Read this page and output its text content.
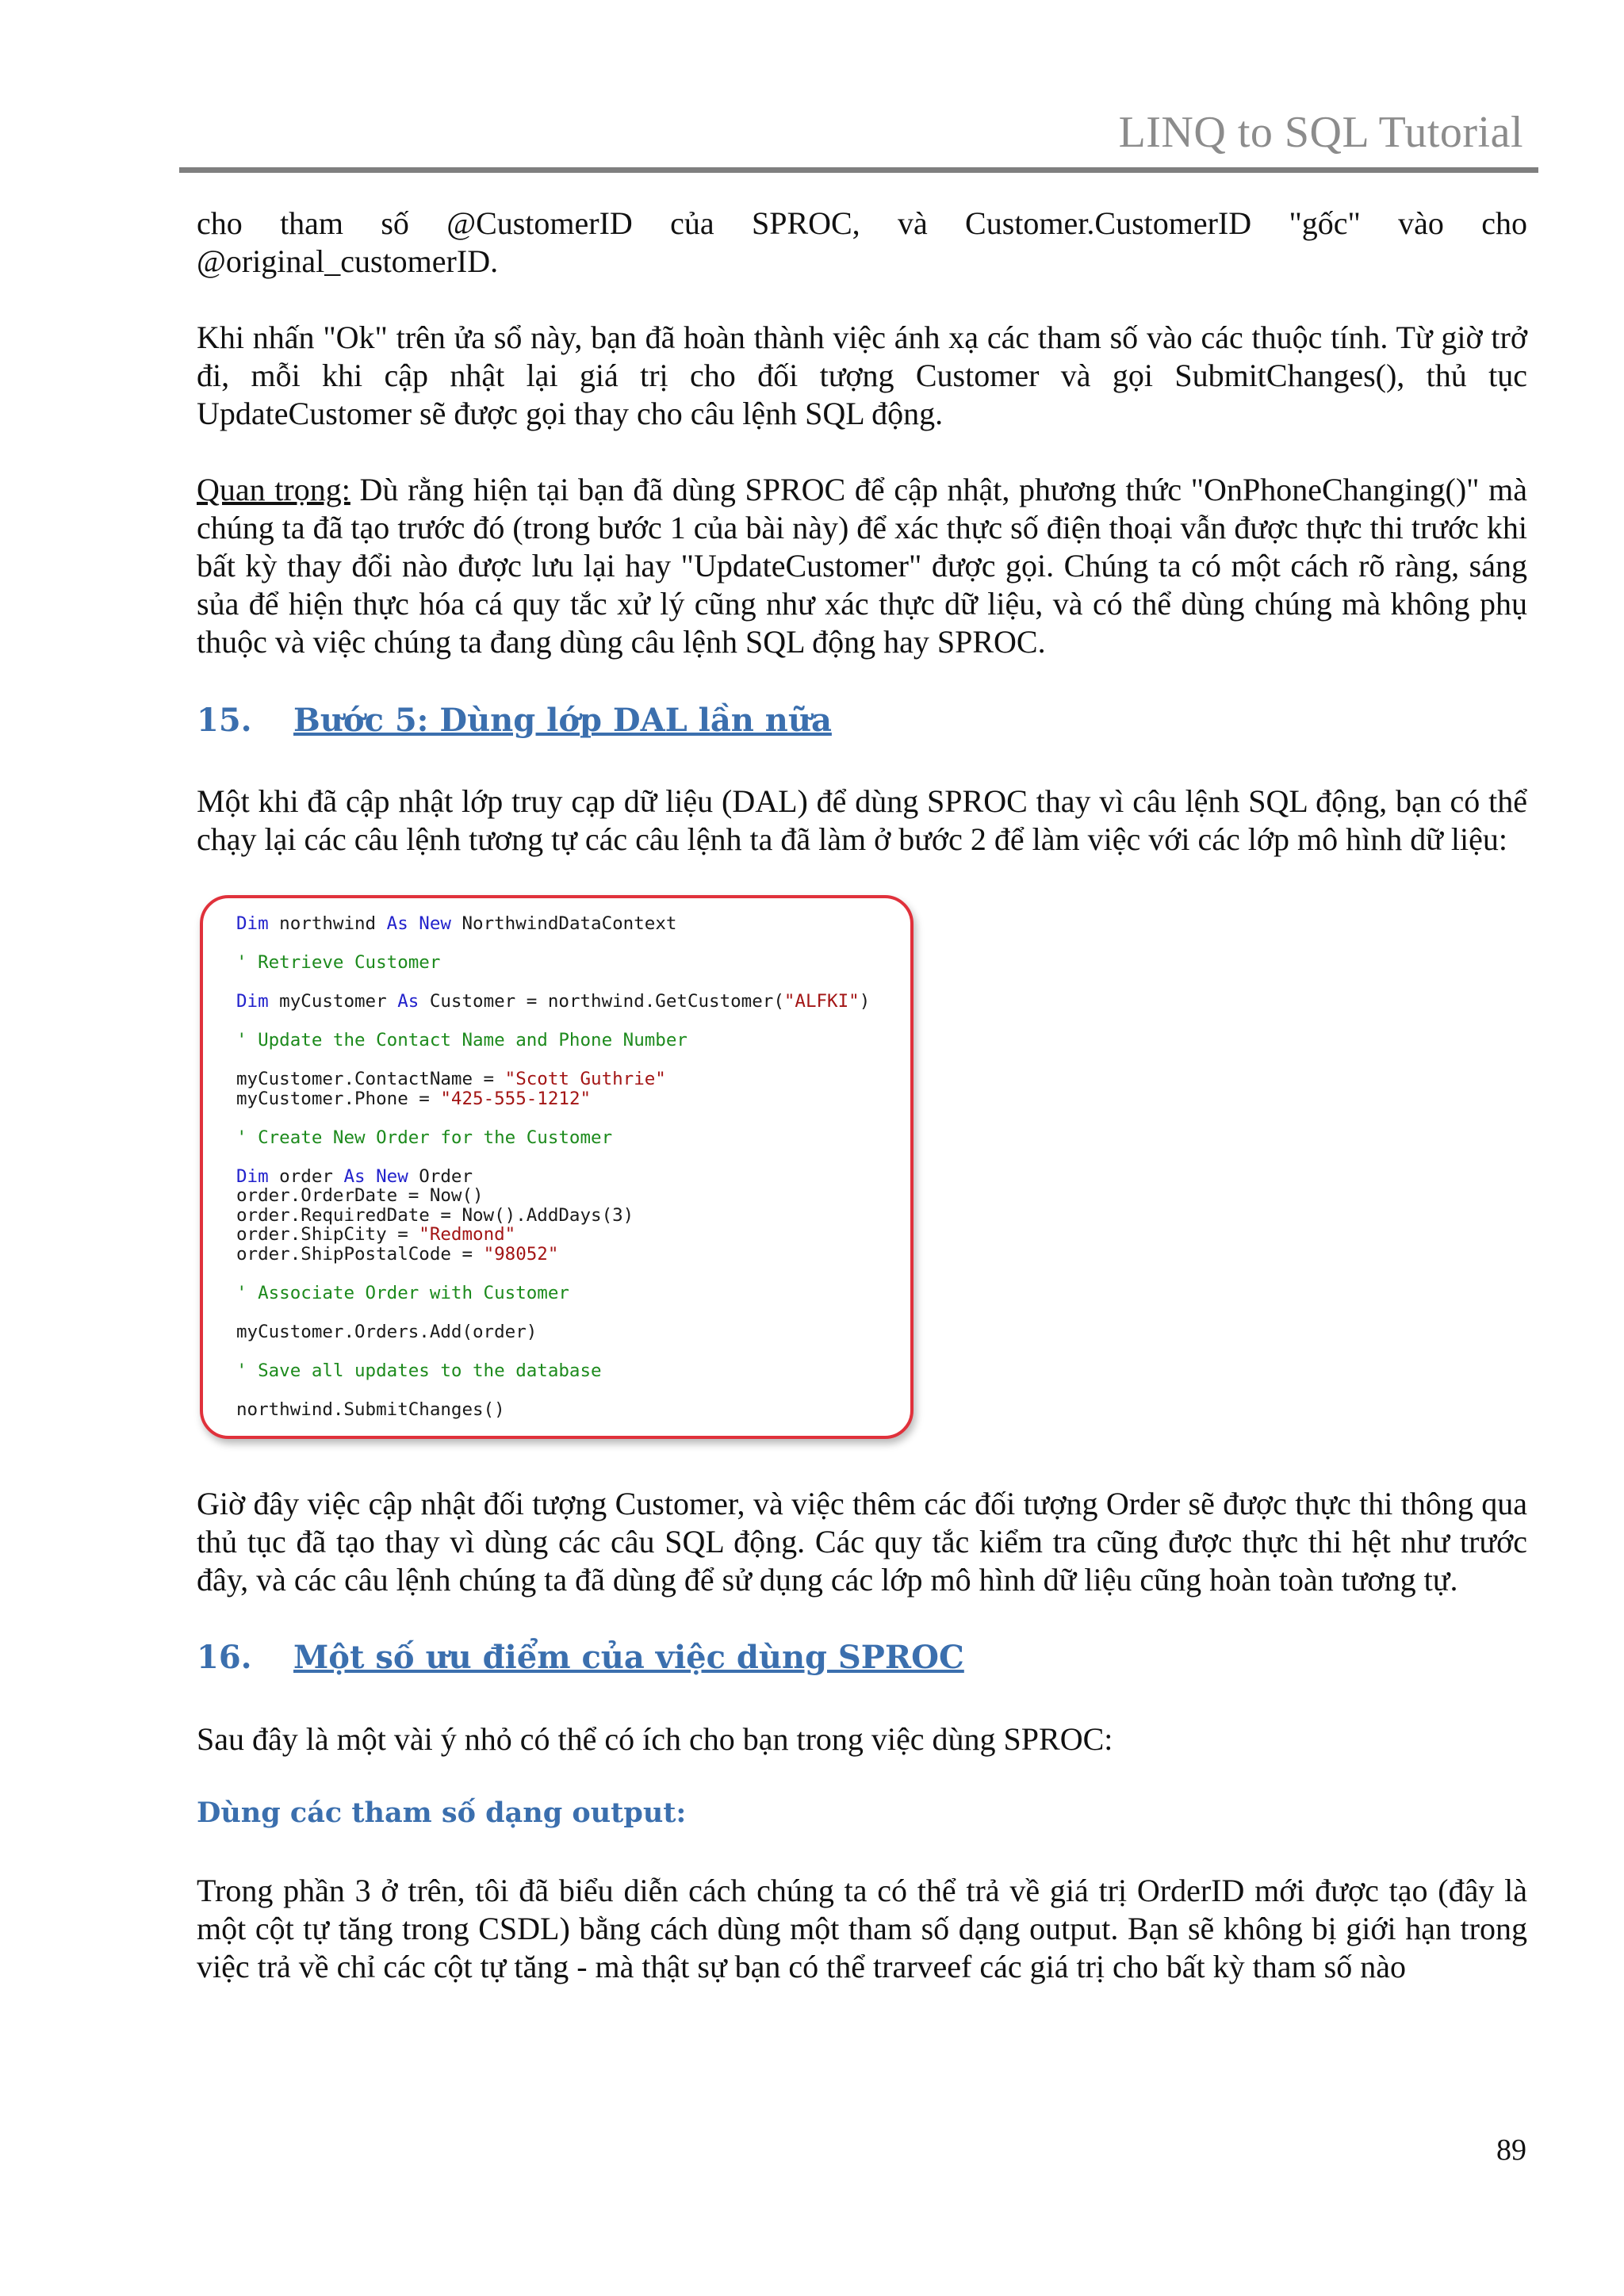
LINQ to SQL Tutorial

cho tham số @CustomerID của SPROC, và Customer.CustomerID "gốc" vào cho @original_customerID.

Khi nhấn "Ok" trên ửa sổ này, bạn đã hoàn thành việc ánh xạ các tham số vào các thuộc tính. Từ giờ trở đi, mỗi khi cập nhật lại giá trị cho đối tượng Customer và gọi SubmitChanges(), thủ tục UpdateCustomer sẽ được gọi thay cho câu lệnh SQL động.

Quan trọng: Dù rằng hiện tại bạn đã dùng SPROC để cập nhật, phương thức "OnPhoneChanging()" mà chúng ta đã tạo trước đó (trong bước 1 của bài này) để xác thực số điện thoại vẫn được thực thi trước khi bất kỳ thay đổi nào được lưu lại hay "UpdateCustomer" được gọi. Chúng ta có một cách rõ ràng, sáng sủa để hiện thực hóa cá quy tắc xử lý cũng như xác thực dữ liệu, và có thể dùng chúng mà không phụ thuộc và việc chúng ta đang dùng câu lệnh SQL động hay SPROC.

15. Bước 5: Dùng lớp DAL lần nữa

Một khi đã cập nhật lớp truy cạp dữ liệu (DAL) để dùng SPROC thay vì câu lệnh SQL động, bạn có thể chạy lại các câu lệnh tương tự các câu lệnh ta đã làm ở bước 2 để làm việc với các lớp mô hình dữ liệu:

Dim northwind As New NorthwindDataContext
' Retrieve Customer
Dim myCustomer As Customer = northwind.GetCustomer("ALFKI")
' Update the Contact Name and Phone Number
myCustomer.ContactName = "Scott Guthrie"
myCustomer.Phone = "425-555-1212"
' Create New Order for the Customer
Dim order As New Order
order.OrderDate = Now()
order.RequiredDate = Now().AddDays(3)
order.ShipCity = "Redmond"
order.ShipPostalCode = "98052"
' Associate Order with Customer
myCustomer.Orders.Add(order)
' Save all updates to the database
northwind.SubmitChanges()

Giờ đây việc cập nhật đối tượng Customer, và việc thêm các đối tượng Order sẽ được thực thi thông qua thủ tục đã tạo thay vì dùng các câu SQL động. Các quy tắc kiểm tra cũng được thực thi hệt như trước đây, và các câu lệnh chúng ta đã dùng để sử dụng các lớp mô hình dữ liệu cũng hoàn toàn tương tự.

16. Một số ưu điểm của việc dùng SPROC

Sau đây là một vài ý nhỏ có thể có ích cho bạn trong việc dùng SPROC:

Dùng các tham số dạng output:

Trong phần 3 ở trên, tôi đã biểu diễn cách chúng ta có thể trả về giá trị OrderID mới được tạo (đây là một cột tự tăng trong CSDL) bằng cách dùng một tham số dạng output. Bạn sẽ không bị giới hạn trong việc trả về chỉ các cột tự tăng - mà thật sự bạn có thể trarveef các giá trị cho bất kỳ tham số nào

89
